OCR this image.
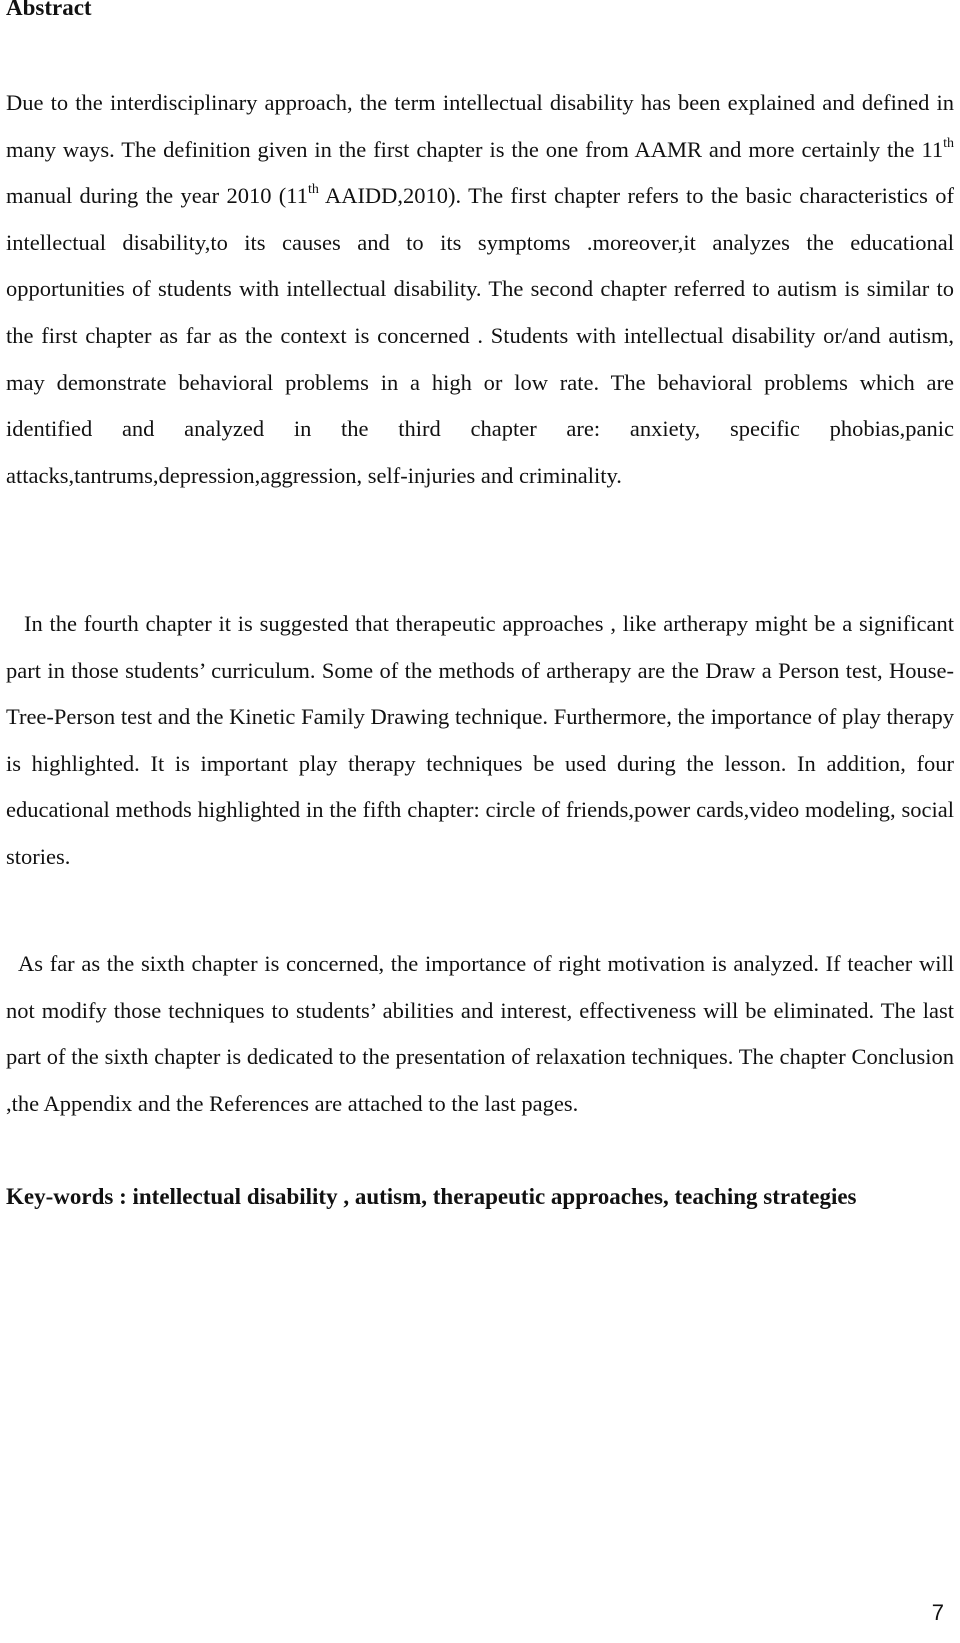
Abstract

Due to the interdisciplinary approach, the term intellectual disability has been explained and defined in many ways. The definition given in the first chapter is the one from AAMR and more certainly the 11th manual during the year 2010 (11th AAIDD,2010). The first chapter refers to the basic characteristics of intellectual disability,to its causes and to its symptoms .moreover,it analyzes the educational opportunities of students with intellectual disability. The second chapter referred to autism is similar to the first chapter as far as the context is concerned . Students with intellectual disability or/and autism, may demonstrate behavioral problems in a high or low rate. The behavioral problems which are identified and analyzed in the third chapter are: anxiety, specific phobias,panic attacks,tantrums,depression,aggression, self-injuries and criminality.

In the fourth chapter it is suggested that therapeutic approaches , like artherapy might be a significant part in those students’ curriculum. Some of the methods of artherapy are the Draw a Person test, House-Tree-Person test and the Kinetic Family Drawing technique. Furthermore, the importance of play therapy is highlighted. It is important play therapy techniques be used during the lesson. In addition, four educational methods highlighted in the fifth chapter: circle of friends,power cards,video modeling, social stories.

As far as the sixth chapter is concerned, the importance of right motivation is analyzed. If teacher will not modify those techniques to students’ abilities and interest, effectiveness will be eliminated. The last part of the sixth chapter is dedicated to the presentation of relaxation techniques. The chapter Conclusion ,the Appendix and the References are attached to the last pages.

Key-words : intellectual disability , autism, therapeutic approaches, teaching strategies

7
